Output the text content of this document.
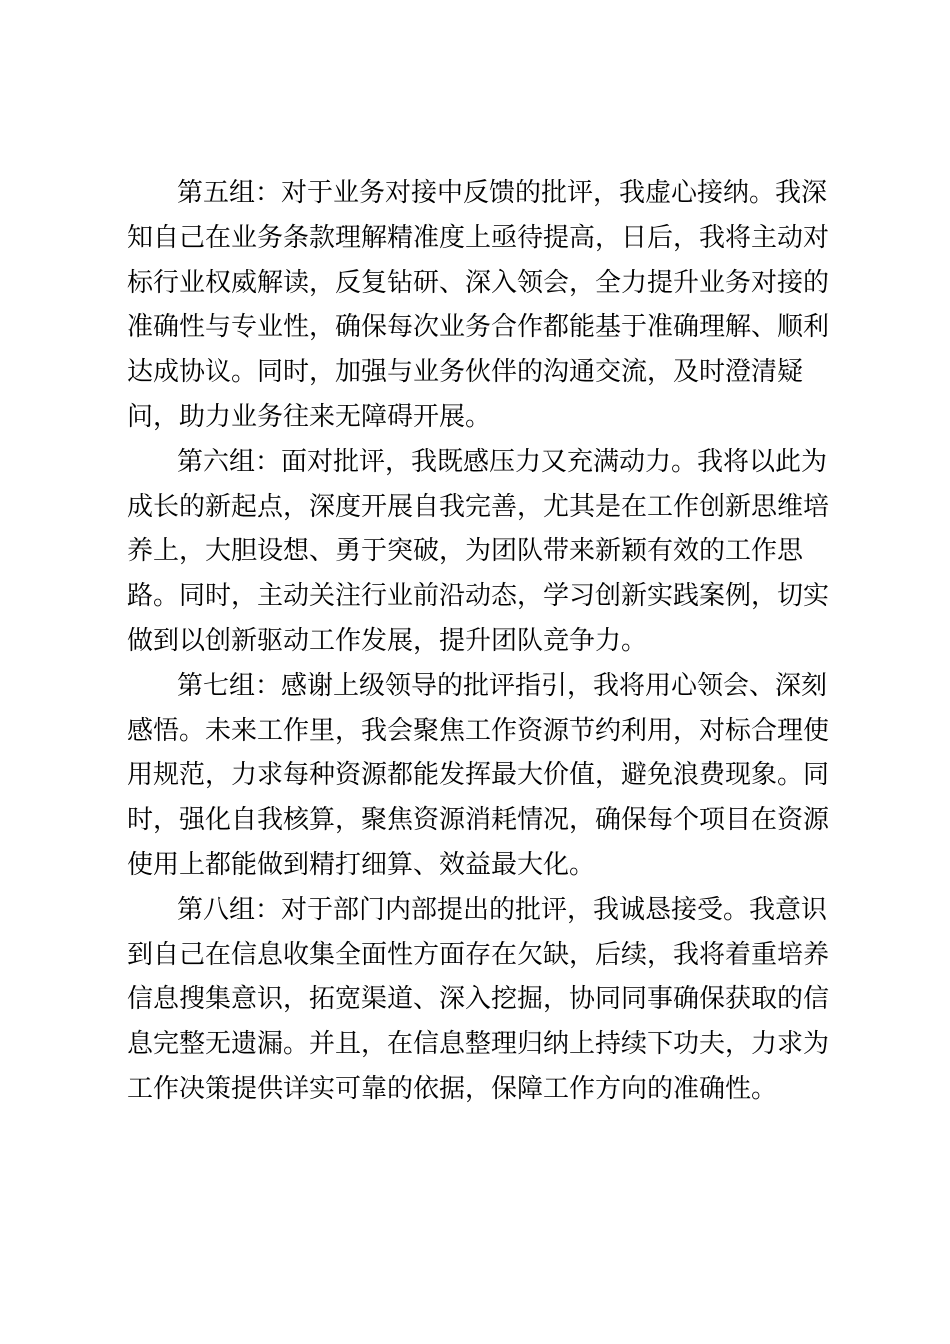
第五组：对于业务对接中反馈的批评，我虚心接纳。我深
知自己在业务条款理解精准度上亟待提高，日后，我将主动对
标行业权威解读，反复钻研、深入领会，全力提升业务对接的
准确性与专业性，确保每次业务合作都能基于准确理解、顺利
达成协议。同时，加强与业务伙伴的沟通交流，及时澄清疑
问，助力业务往来无障碍开展。

第六组：面对批评，我既感压力又充满动力。我将以此为
成长的新起点，深度开展自我完善，尤其是在工作创新思维培
养上，大胆设想、勇于突破，为团队带来新颖有效的工作思
路。同时，主动关注行业前沿动态，学习创新实践案例，切实
做到以创新驱动工作发展，提升团队竞争力。

第七组：感谢上级领导的批评指引，我将用心领会、深刻
感悟。未来工作里，我会聚焦工作资源节约利用，对标合理使
用规范，力求每种资源都能发挥最大价值，避免浪费现象。同
时，强化自我核算，聚焦资源消耗情况，确保每个项目在资源
使用上都能做到精打细算、效益最大化。

第八组：对于部门内部提出的批评，我诚恳接受。我意识
到自己在信息收集全面性方面存在欠缺，后续，我将着重培养
信息搜集意识，拓宽渠道、深入挖掘，协同同事确保获取的信
息完整无遗漏。并且，在信息整理归纳上持续下功夫，力求为
工作决策提供详实可靠的依据，保障工作方向的准确性。
